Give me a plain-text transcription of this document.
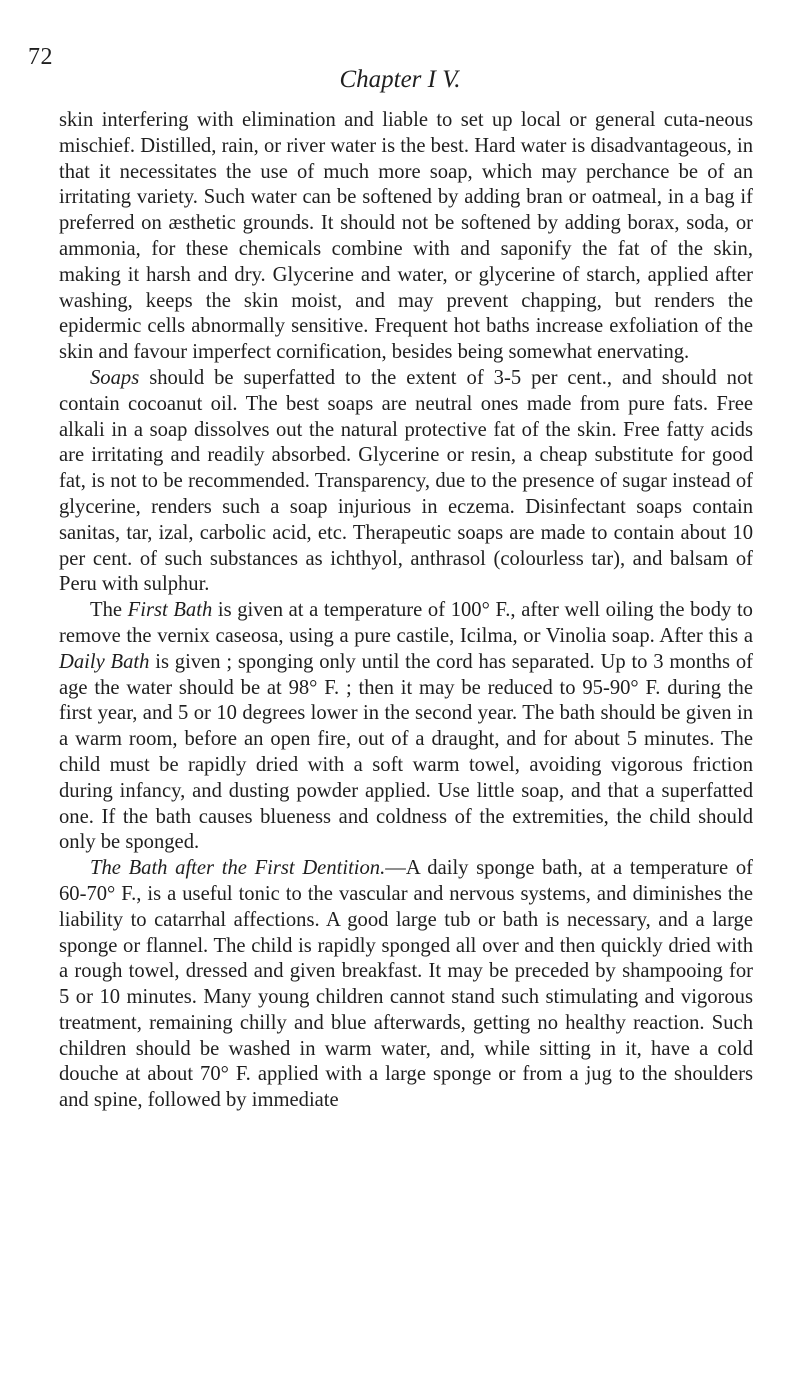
72
Chapter I V.

skin interfering with elimination and liable to set up local or general cuta-neous mischief. Distilled, rain, or river water is the best. Hard water is disadvantageous, in that it necessitates the use of much more soap, which may perchance be of an irritating variety. Such water can be softened by adding bran or oatmeal, in a bag if preferred on æsthetic grounds. It should not be softened by adding borax, soda, or ammonia, for these chemicals combine with and saponify the fat of the skin, making it harsh and dry. Glycerine and water, or glycerine of starch, applied after washing, keeps the skin moist, and may prevent chapping, but renders the epidermic cells abnormally sensitive. Frequent hot baths increase exfoliation of the skin and favour imperfect cornification, besides being somewhat enervating.

Soaps should be superfatted to the extent of 3-5 per cent., and should not contain cocoanut oil. The best soaps are neutral ones made from pure fats. Free alkali in a soap dissolves out the natural protective fat of the skin. Free fatty acids are irritating and readily absorbed. Glycerine or resin, a cheap substitute for good fat, is not to be recommended. Transparency, due to the presence of sugar instead of glycerine, renders such a soap injurious in eczema. Disinfectant soaps contain sanitas, tar, izal, carbolic acid, etc. Therapeutic soaps are made to contain about 10 per cent. of such substances as ichthyol, anthrasol (colourless tar), and balsam of Peru with sulphur.

The First Bath is given at a temperature of 100° F., after well oiling the body to remove the vernix caseosa, using a pure castile, Icilma, or Vinolia soap. After this a Daily Bath is given ; sponging only until the cord has separated. Up to 3 months of age the water should be at 98° F. ; then it may be reduced to 95-90° F. during the first year, and 5 or 10 degrees lower in the second year. The bath should be given in a warm room, before an open fire, out of a draught, and for about 5 minutes. The child must be rapidly dried with a soft warm towel, avoiding vigorous friction during infancy, and dusting powder applied. Use little soap, and that a superfatted one. If the bath causes blueness and coldness of the extremities, the child should only be sponged.

The Bath after the First Dentition.—A daily sponge bath, at a temperature of 60-70° F., is a useful tonic to the vascular and nervous systems, and diminishes the liability to catarrhal affections. A good large tub or bath is necessary, and a large sponge or flannel. The child is rapidly sponged all over and then quickly dried with a rough towel, dressed and given breakfast. It may be preceded by shampooing for 5 or 10 minutes. Many young children cannot stand such stimulating and vigorous treatment, remaining chilly and blue afterwards, getting no healthy reaction. Such children should be washed in warm water, and, while sitting in it, have a cold douche at about 70° F. applied with a large sponge or from a jug to the shoulders and spine, followed by immediate
